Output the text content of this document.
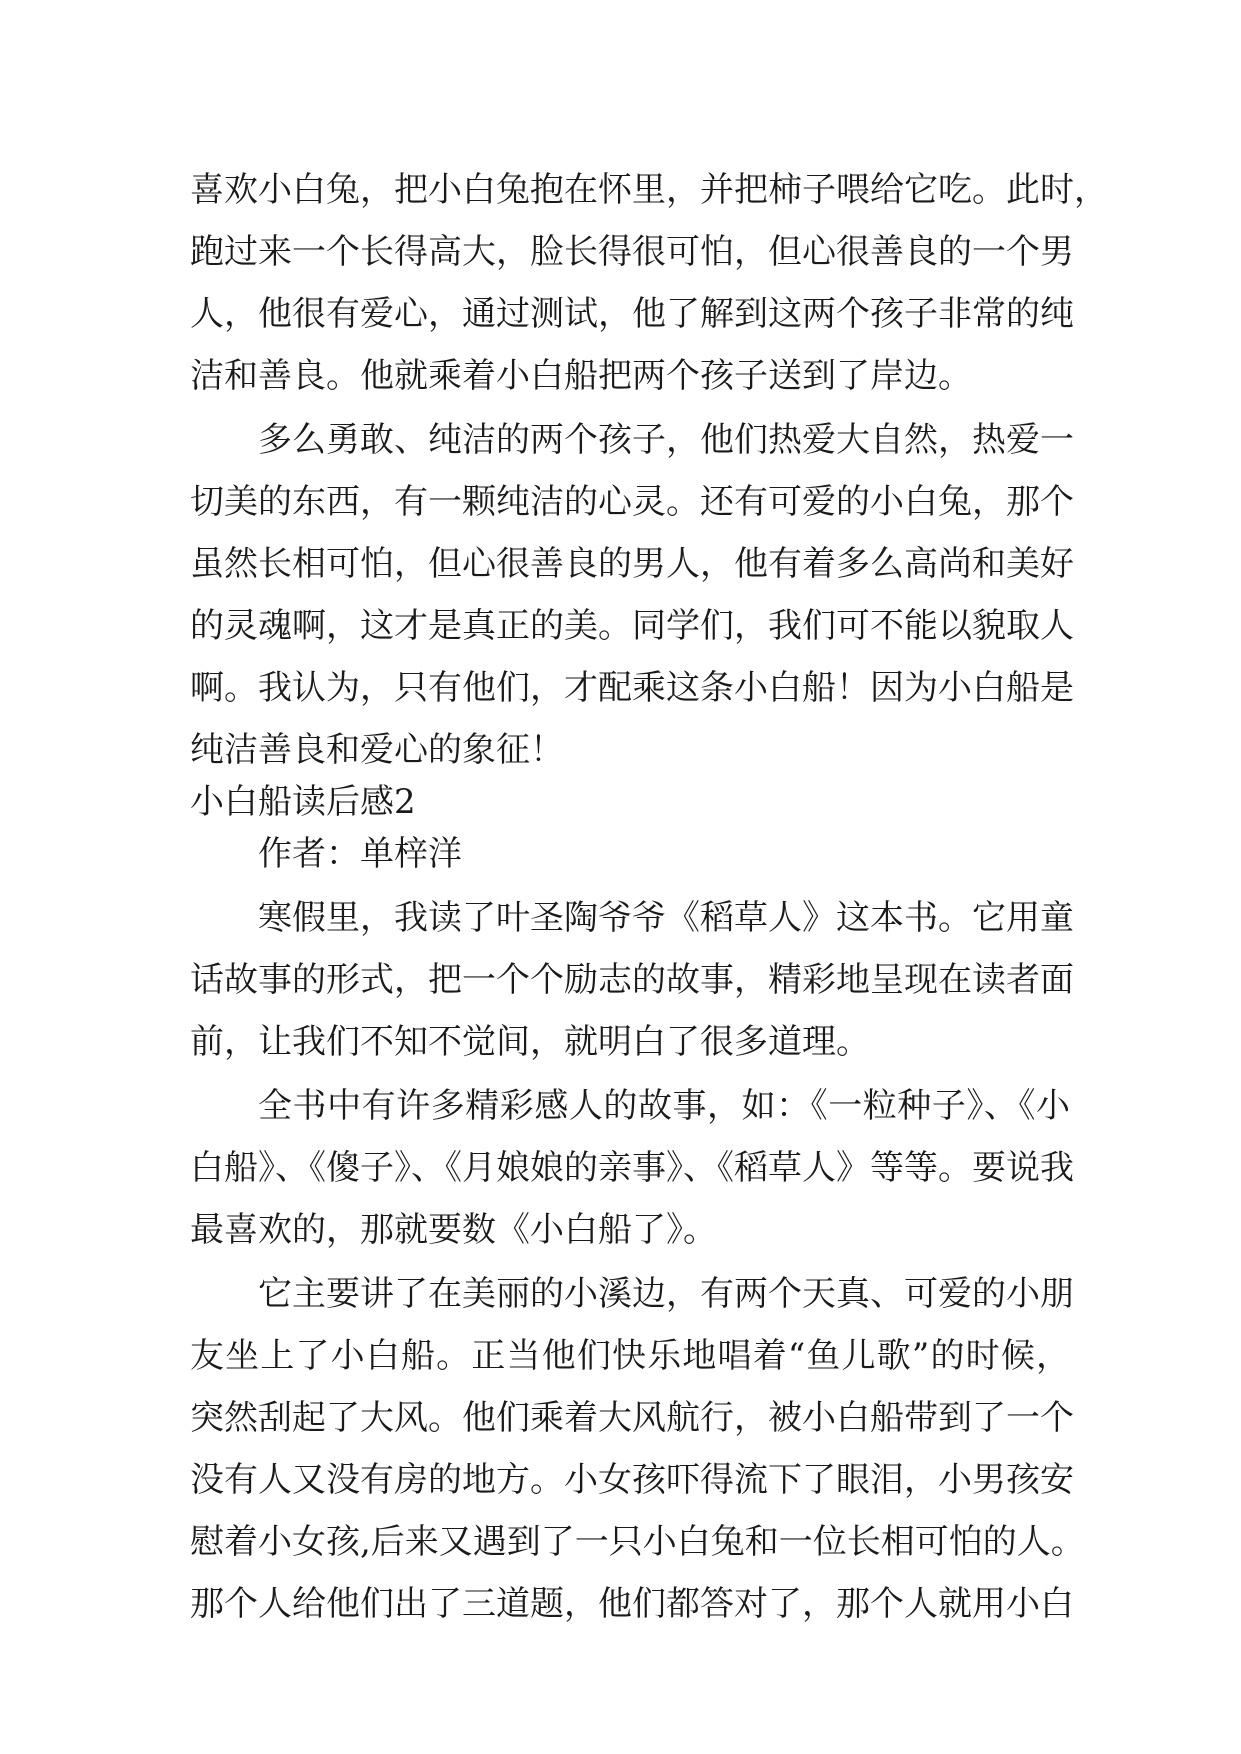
喜欢小白兔，把小白兔抱在怀里，并把柿子喂给它吃。此时，
跑过来一个长得高大，脸长得很可怕，但心很善良的一个男
人，他很有爱心，通过测试，他了解到这两个孩子非常的纯
洁和善良。他就乘着小白船把两个孩子送到了岸边。
多么勇敢、纯洁的两个孩子，他们热爱大自然，热爱一
切美的东西，有一颗纯洁的心灵。还有可爱的小白兔，那个
虽然长相可怕，但心很善良的男人，他有着多么高尚和美好
的灵魂啊，这才是真正的美。同学们，我们可不能以貌取人
啊。我认为，只有他们，才配乘这条小白船！因为小白船是
纯洁善良和爱心的象征！
小白船读后感2
作者：单梓洋
寒假里，我读了叶圣陶爷爷《稻草人》这本书。它用童
话故事的形式，把一个个励志的故事，精彩地呈现在读者面
前，让我们不知不觉间，就明白了很多道理。
全书中有许多精彩感人的故事，如：《一粒种子》、《小
白船》、《傻子》、《月娘娘的亲事》、《稻草人》等等。要说我
最喜欢的，那就要数《小白船了》。
它主要讲了在美丽的小溪边，有两个天真、可爱的小朋
友坐上了小白船。正当他们快乐地唱着“鱼儿歌”的时候，
突然刮起了大风。他们乘着大风航行，被小白船带到了一个
没有人又没有房的地方。小女孩吓得流下了眼泪，小男孩安
慰着小女孩,后来又遇到了一只小白兔和一位长相可怕的人。
那个人给他们出了三道题，他们都答对了，那个人就用小白
